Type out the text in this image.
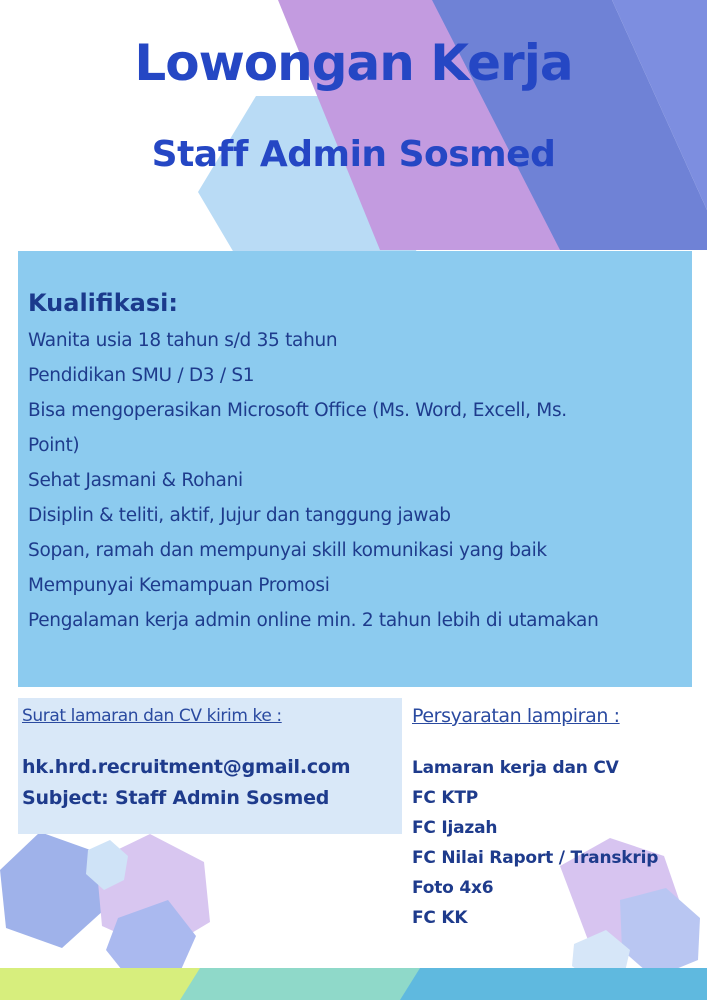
Lowongan Kerja
Staff Admin Sosmed
Kualifikasi:
Wanita usia 18 tahun s/d 35 tahun
Pendidikan SMU / D3 / S1
Bisa mengoperasikan Microsoft Office (Ms. Word, Excell, Ms.
Point)
Sehat Jasmani & Rohani
Disiplin & teliti, aktif, Jujur dan tanggung jawab
Sopan, ramah dan mempunyai skill komunikasi yang baik
Mempunyai Kemampuan Promosi
Pengalaman kerja admin online min. 2 tahun lebih di utamakan

Surat lamaran dan CV kirim ke :

hk.hrd.recruitment@gmail.com

Subject: Staff Admin Sosmed

Persyaratan lampiran :

Lamaran kerja dan CV
FC KTP
FC Ijazah
FC Nilai Raport / Transkrip
Foto 4x6
FC KK
